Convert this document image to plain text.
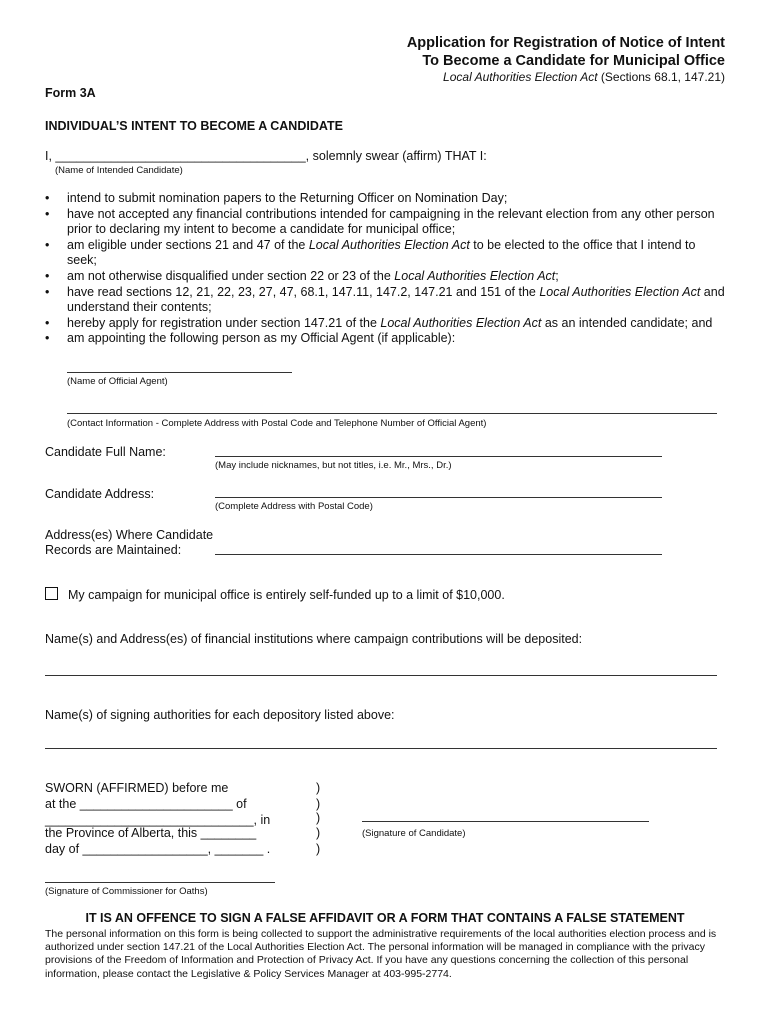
Application for Registration of Notice of Intent
To Become a Candidate for Municipal Office
Local Authorities Election Act (Sections 68.1, 147.21)
Form 3A
INDIVIDUAL’S INTENT TO BECOME A CANDIDATE
I, ____________________________________, solemnly swear (affirm) THAT I:
(Name of Intended Candidate)
• intend to submit nomination papers to the Returning Officer on Nomination Day;
• have not accepted any financial contributions intended for campaigning in the relevant election from any other person prior to declaring my intent to become a candidate for municipal office;
• am eligible under sections 21 and 47 of the Local Authorities Election Act to be elected to the office that I intend to seek;
• am not otherwise disqualified under section 22 or 23 of the Local Authorities Election Act;
• have read sections 12, 21, 22, 23, 27, 47, 68.1, 147.11, 147.2, 147.21 and 151 of the Local Authorities Election Act and understand their contents;
• hereby apply for registration under section 147.21 of the Local Authorities Election Act as an intended candidate; and
• am appointing the following person as my Official Agent (if applicable):
(Name of Official Agent)
(Contact Information - Complete Address with Postal Code and Telephone Number of Official Agent)
Candidate Full Name:
(May include nicknames, but not titles, i.e. Mr., Mrs., Dr.)
Candidate Address:
(Complete Address with Postal Code)
Address(es) Where Candidate
Records are Maintained:
My campaign for municipal office is entirely self-funded up to a limit of $10,000.
Name(s) and Address(es) of financial institutions where campaign contributions will be deposited:
Name(s) of signing authorities for each depository listed above:
SWORN (AFFIRMED) before me
at the ______________________ of
______________________________, in
the Province of Alberta, this ________
day of __________________, _______ .
)
)
)
)
)
(Signature of Candidate)
(Signature of Commissioner for Oaths)
IT IS AN OFFENCE TO SIGN A FALSE AFFIDAVIT OR A FORM THAT CONTAINS A FALSE STATEMENT
The personal information on this form is being collected to support the administrative requirements of the local authorities election process and is authorized under section 147.21 of the Local Authorities Election Act. The personal information will be managed in compliance with the privacy provisions of the Freedom of Information and Protection of Privacy Act. If you have any questions concerning the collection of this personal information, please contact the Legislative & Policy Services Manager at 403-995-2774.
